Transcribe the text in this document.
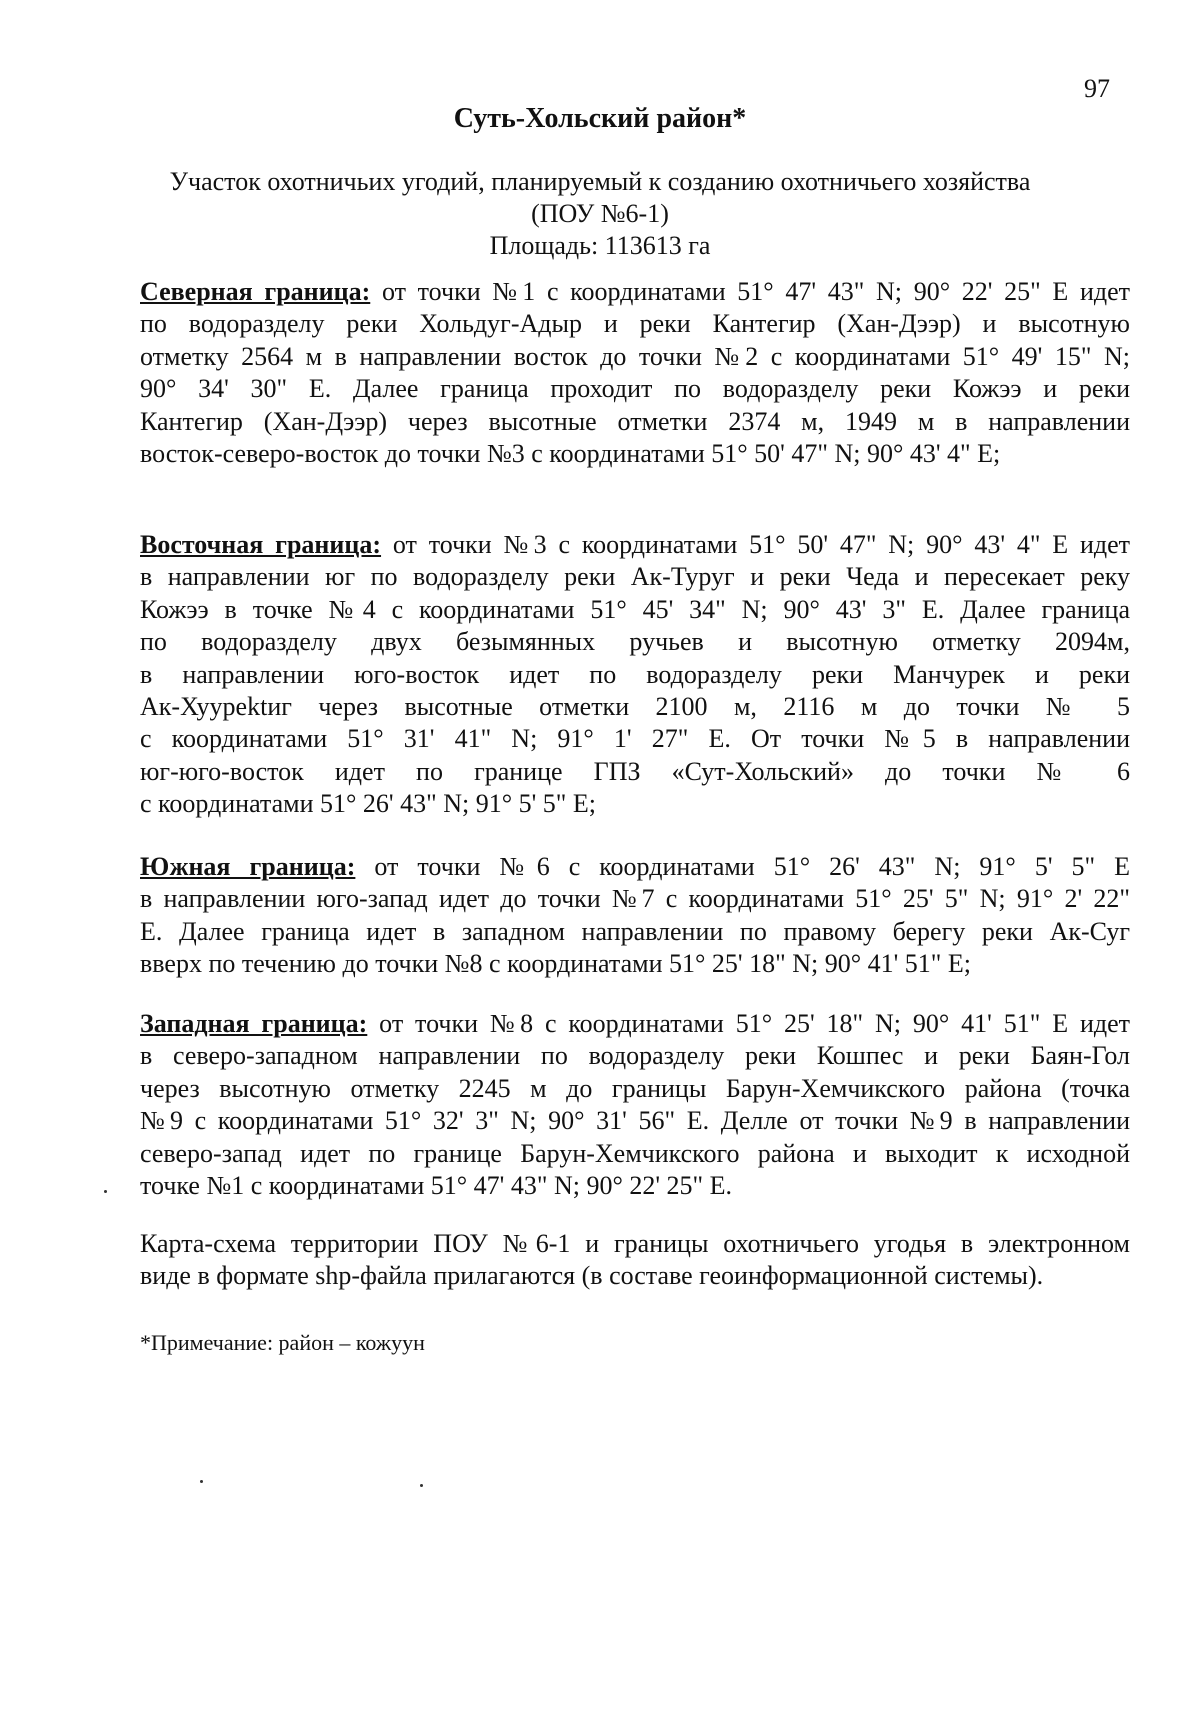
97
Суть-Хольский район*
Участок охотничьих угодий, планируемый к созданию охотничьего хозяйства
(ПОУ №6-1)
Площадь: 113613 га
Северная граница: от точки №1 с координатами 51° 47' 43" N; 90° 22' 25" E идет
по водоразделу реки Хольдуг-Адыр и реки Кантегир (Хан-Дээр) и высотную
отметку 2564 м в направлении восток до точки №2 с координатами 51° 49' 15" N;
90° 34' 30" E. Далее граница проходит по водоразделу реки Кожээ и реки
Кантегир (Хан-Дээр) через высотные отметки 2374 м, 1949 м в направлении
восток-северо-восток до точки №3 с координатами 51° 50' 47" N; 90° 43' 4" E;
Восточная граница: от точки №3 с координатами 51° 50' 47" N; 90° 43' 4" E идет
в направлении юг по водоразделу реки Ак-Туруг и реки Чеда и пересекает реку
Кожээ в точке №4 с координатами 51° 45' 34" N; 90° 43' 3" E. Далее граница
по водоразделу двух безымянных ручьев и высотную отметку 2094м,
в направлении юго-восток идет по водоразделу реки Манчурек и реки
Ак-Хуурektиг через высотные отметки 2100 м, 2116 м до точки № 5
с координатами 51° 31' 41" N; 91° 1' 27" E. От точки №5 в направлении
юг-юго-восток идет по границе ГПЗ «Сут-Хольский» до точки № 6
с координатами 51° 26' 43" N; 91° 5' 5" E;
Южная граница: от точки №6 с координатами 51° 26' 43" N; 91° 5' 5" E
в направлении юго-запад идет до точки №7 с координатами 51° 25' 5" N; 91° 2' 22"
E. Далее граница идет в западном направлении по правому берегу реки Ак-Суг
вверх по течению до точки №8 с координатами 51° 25' 18" N; 90° 41' 51" E;
Западная граница: от точки №8 с координатами 51° 25' 18" N; 90° 41' 51" E идет
в северо-западном направлении по водоразделу реки Кошпес и реки Баян-Гол
через высотную отметку 2245 м до границы Барун-Хемчикского района (точка
№9 с координатами 51° 32' 3" N; 90° 31' 56" E. Делле от точки №9 в направлении
северо-запад идет по границе Барун-Хемчикского района и выходит к исходной
точке №1 с координатами 51° 47' 43" N; 90° 22' 25" E.
Карта-схема территории ПОУ №6-1 и границы охотничьего угодья в электронном
виде в формате shp-файла прилагаются (в составе геоинформационной системы).
*Примечание: район – кожуун
